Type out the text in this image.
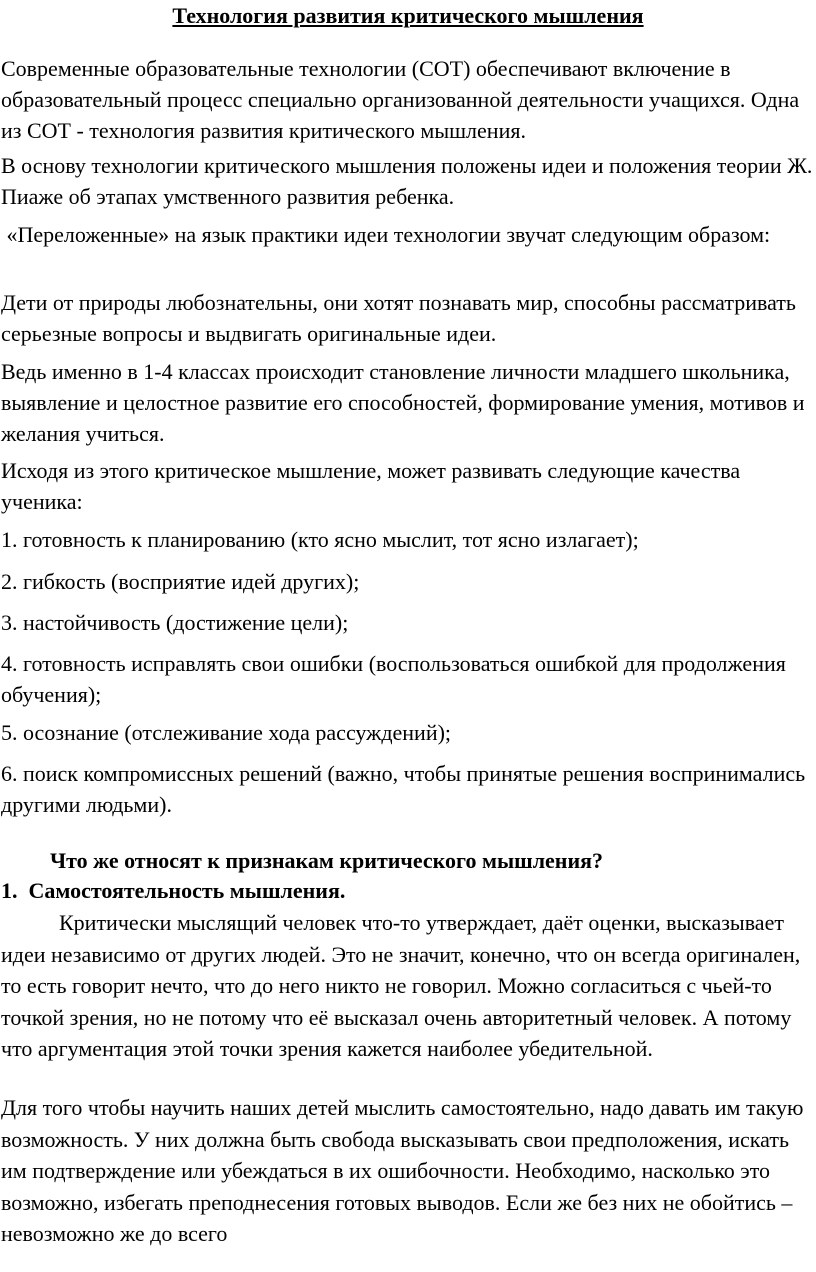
Технология развития критического мышления

Современные образовательные технологии (СОТ) обеспечивают включение в образовательный процесс специально организованной деятельности учащихся. Одна из СОТ - технология развития критического мышления.

В основу технологии критического мышления положены идеи и положения теории Ж. Пиаже об этапах умственного развития ребенка.

«Переложенные» на язык практики идеи технологии звучат следующим образом:

Дети от природы любознательны, они хотят познавать мир, способны рассматривать серьезные вопросы и выдвигать оригинальные идеи.

Ведь именно в 1-4 классах происходит становление личности младшего школьника, выявление и целостное развитие его способностей, формирование умения, мотивов и желания учиться.

Исходя из этого критическое мышление, может развивать следующие качества ученика:

1. готовность к планированию (кто ясно мыслит, тот ясно излагает);

2. гибкость (восприятие идей других);

3. настойчивость (достижение цели);

4. готовность исправлять свои ошибки (воспользоваться ошибкой для продолжения обучения);

5. осознание (отслеживание хода рассуждений);

6. поиск компромиссных решений (важно, чтобы принятые решения воспринимались другими людьми).

Что же относят к признакам критического мышления?
1.  Самостоятельность мышления.

Критически мыслящий человек что-то утверждает, даёт оценки, высказывает идеи независимо от других людей. Это не значит, конечно, что он всегда оригинален, то есть говорит нечто, что до него никто не говорил. Можно согласиться с чьей-то точкой зрения, но не потому что её высказал очень авторитетный человек. А потому что аргументация этой точки зрения кажется наиболее убедительной.

Для того чтобы научить наших детей мыслить самостоятельно, надо давать им такую возможность. У них должна быть свобода высказывать свои предположения, искать им подтверждение или убеждаться в их ошибочности. Необходимо, насколько это возможно, избегать преподнесения готовых выводов. Если же без них не обойтись – невозможно же до всего
